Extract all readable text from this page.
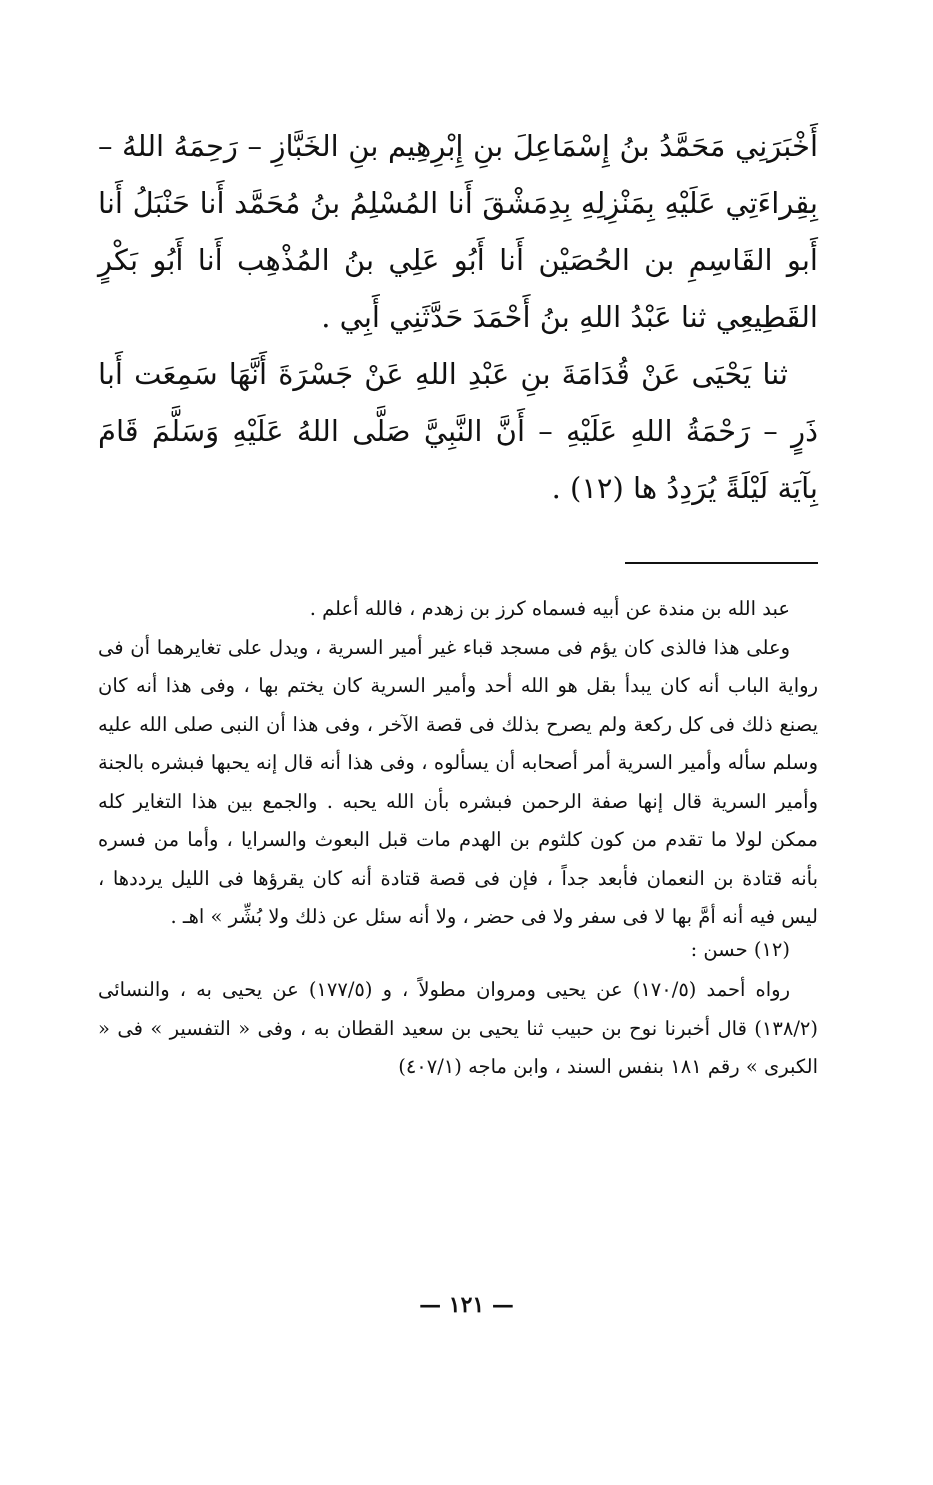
أَخْبَرَنِي مَحَمَّدُ بنُ إِسْمَاعِلَ بنِ إِبْرِهِيم بنِ الخَبَّازِ – رَحِمَهُ اللهُ – بِقِراءَتِي عَلَيْهِ بِمَنْزِلِهِ بِدِمَشْقَ أَنا المُسْلِمُ بنُ مُحَمَّد أَنا حَنْبَلُ أَنا أَبو القَاسِمِ بن الحُصَيْن أَنا أَبُو عَلِي بنُ المُذْهِب أَنا أَبُو بَكْرٍ القَطِيعِي ثنا عَبْدُ اللهِ بنُ أَحْمَدَ حَدَّثَنِي أَبِي .

ثنا يَحْيَى عَنْ قُدَامَةَ بنِ عَبْدِ اللهِ عَنْ جَسْرَةَ أَنَّهَا سَمِعَت أَبا ذَرٍ – رَحْمَةُ اللهِ عَلَيْهِ – أَنَّ النَّبِيَّ صَلَّى اللهُ عَلَيْهِ وَسَلَّمَ قَامَ بِآيَة لَيْلَةً يُرَدِدُ ها (١٢) .

عبد الله بن مندة عن أبيه فسماه كرز بن زهدم ، فالله أعلم .

وعلى هذا فالذى كان يؤم فى مسجد قباء غير أمير السرية ، ويدل على تغايرهما أن فى رواية الباب أنه كان يبدأ بقل هو الله أحد وأمير السرية كان يختم بها ، وفى هذا أنه كان يصنع ذلك فى كل ركعة ولم يصرح بذلك فى قصة الآخر ، وفى هذا أن النبى صلى الله عليه وسلم سأله وأمير السرية أمر أصحابه أن يسألوه ، وفى هذا أنه قال إنه يحبها فبشره بالجنة وأمير السرية قال إنها صفة الرحمن فبشره بأن الله يحبه . والجمع بين هذا التغاير كله ممكن لولا ما تقدم من كون كلثوم بن الهدم مات قبل البعوث والسرايا ، وأما من فسره بأنه قتادة بن النعمان فأبعد جداً ، فإن فى قصة قتادة أنه كان يقرؤها فى الليل يرددها ، ليس فيه أنه أمَّ بها لا فى سفر ولا فى حضر ، ولا أنه سئل عن ذلك ولا بُشِّر » اهـ .

(١٢) حسن :

رواه أحمد (١٧٠/٥) عن يحيى ومروان مطولاً ، و (١٧٧/٥) عن يحيى به ، والنسائى (١٣٨/٢) قال أخبرنا نوح بن حبيب ثنا يحيى بن سعيد القطان به ، وفى « التفسير » فى « الكبرى » رقم ١٨١ بنفس السند ، وابن ماجه (٤٠٧/١)

— ١٢١ —
